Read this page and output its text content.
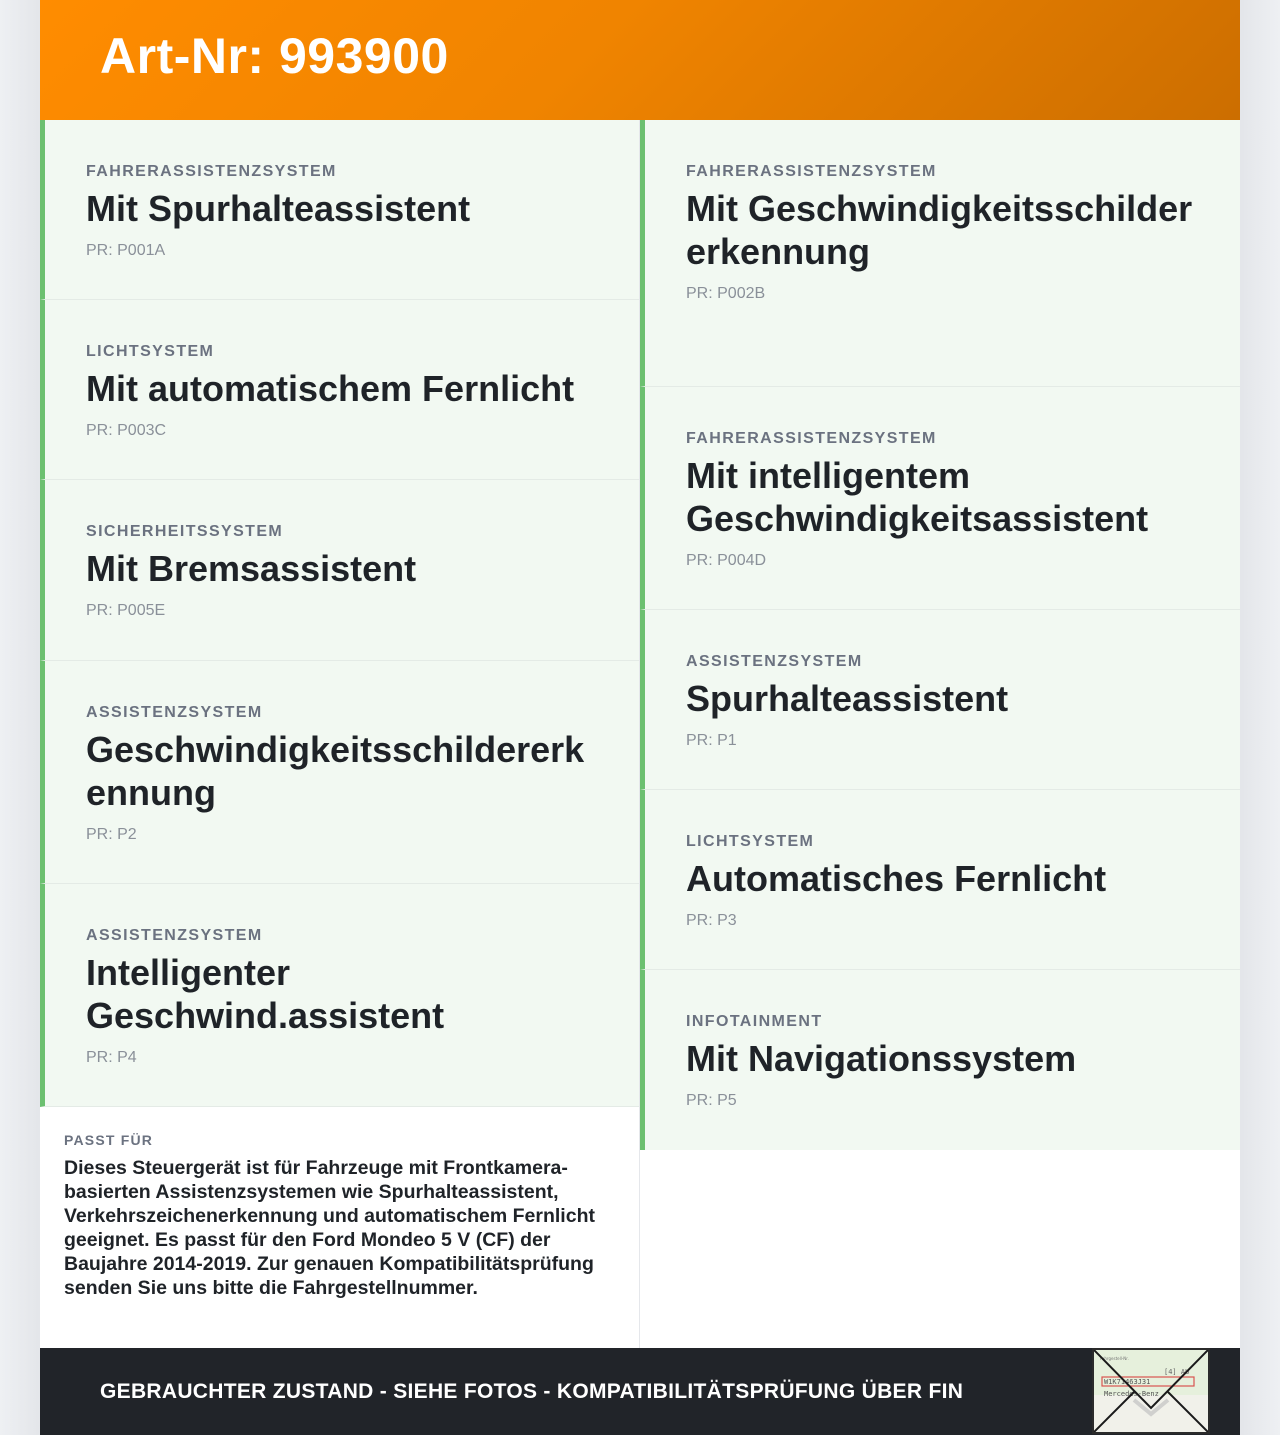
Art-Nr: 993900
FAHRERASSISTENZSYSTEM
Mit Spurhalteassistent
PR: P001A
LICHTSYSTEM
Mit automatischem Fernlicht
PR: P003C
SICHERHEITSSYSTEM
Mit Bremsassistent
PR: P005E
ASSISTENZSYSTEM
Geschwindigkeitsschildererkennung
PR: P2
ASSISTENZSYSTEM
Intelligenter Geschwind.assistent
PR: P4
PASST FÜR
Dieses Steuergerät ist für Fahrzeuge mit Frontkamera-basierten Assistenzsystemen wie Spurhalteassistent, Verkehrszeichenerkennung und automatischem Fernlicht geeignet. Es passt für den Ford Mondeo 5 V (CF) der Baujahre 2014-2019. Zur genauen Kompatibilitätsprüfung senden Sie uns bitte die Fahrgestellnummer.
FAHRERASSISTENZSYSTEM
Mit Geschwindigkeitsschildererkennung
PR: P002B
FAHRERASSISTENZSYSTEM
Mit intelligentem Geschwindigkeitsassistent
PR: P004D
ASSISTENZSYSTEM
Spurhalteassistent
PR: P1
LICHTSYSTEM
Automatisches Fernlicht
PR: P3
INFOTAINMENT
Mit Navigationssystem
PR: P5
GEBRAUCHTER ZUSTAND - SIEHE FOTOS - KOMPATIBILITÄTSPRÜFUNG ÜBER FIN
Fahrgestell-Nr.
[4] AU
W1K71463J31
Mercedes-Benz
